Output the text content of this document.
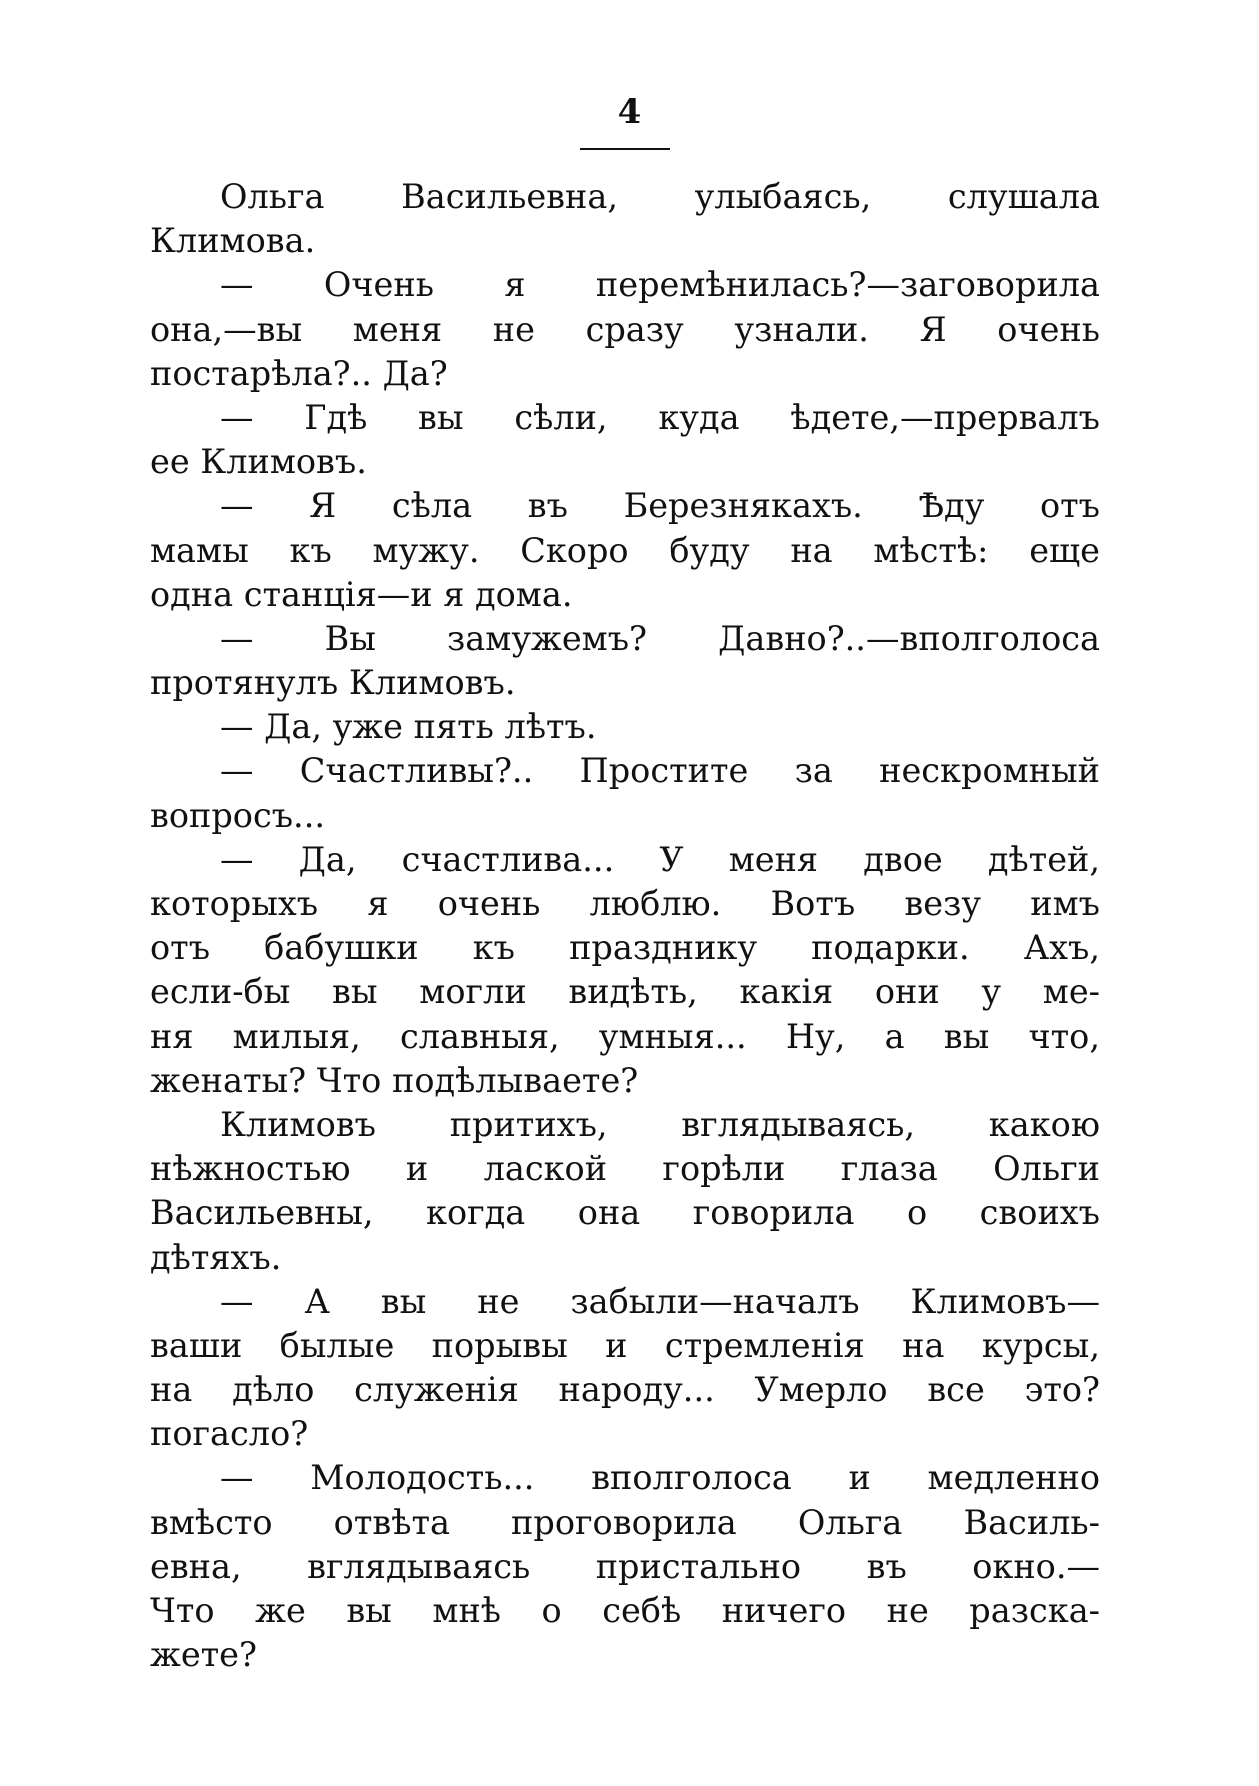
4
Ольга Васильевна, улыбаясь, слушала
Климова.
— Очень я перемѣнилась?—заговорила
она,—вы меня не сразу узнали. Я очень
постарѣла?.. Да?
— Гдѣ вы сѣли, куда ѣдете,—прервалъ
ее Климовъ.
— Я сѣла въ Березнякахъ. Ѣду отъ
мамы къ мужу. Скоро буду на мѣстѣ: еще
одна станція—и я дома.
— Вы замужемъ? Давно?..—вполголоса
протянулъ Климовъ.
— Да, уже пять лѣтъ.
— Счастливы?.. Простите за нескромный
вопросъ...
— Да, счастлива... У меня двое дѣтей,
которыхъ я очень люблю. Вотъ везу имъ
отъ бабушки къ празднику подарки. Ахъ,
если-бы вы могли видѣть, какія они у ме-
ня милыя, славныя, умныя... Ну, а вы что,
женаты? Что подѣлываете?
Климовъ притихъ, вглядываясь, какою
нѣжностью и лаской горѣли глаза Ольги
Васильевны, когда она говорила о своихъ
дѣтяхъ.
— А вы не забыли—началъ Климовъ—
ваши былые порывы и стремленія на курсы,
на дѣло служенія народу... Умерло все это?
погасло?
— Молодость... вполголоса и медленно
вмѣсто отвѣта проговорила Ольга Василь-
евна, вглядываясь пристально въ окно.—
Что же вы мнѣ о себѣ ничего не разска-
жете?
